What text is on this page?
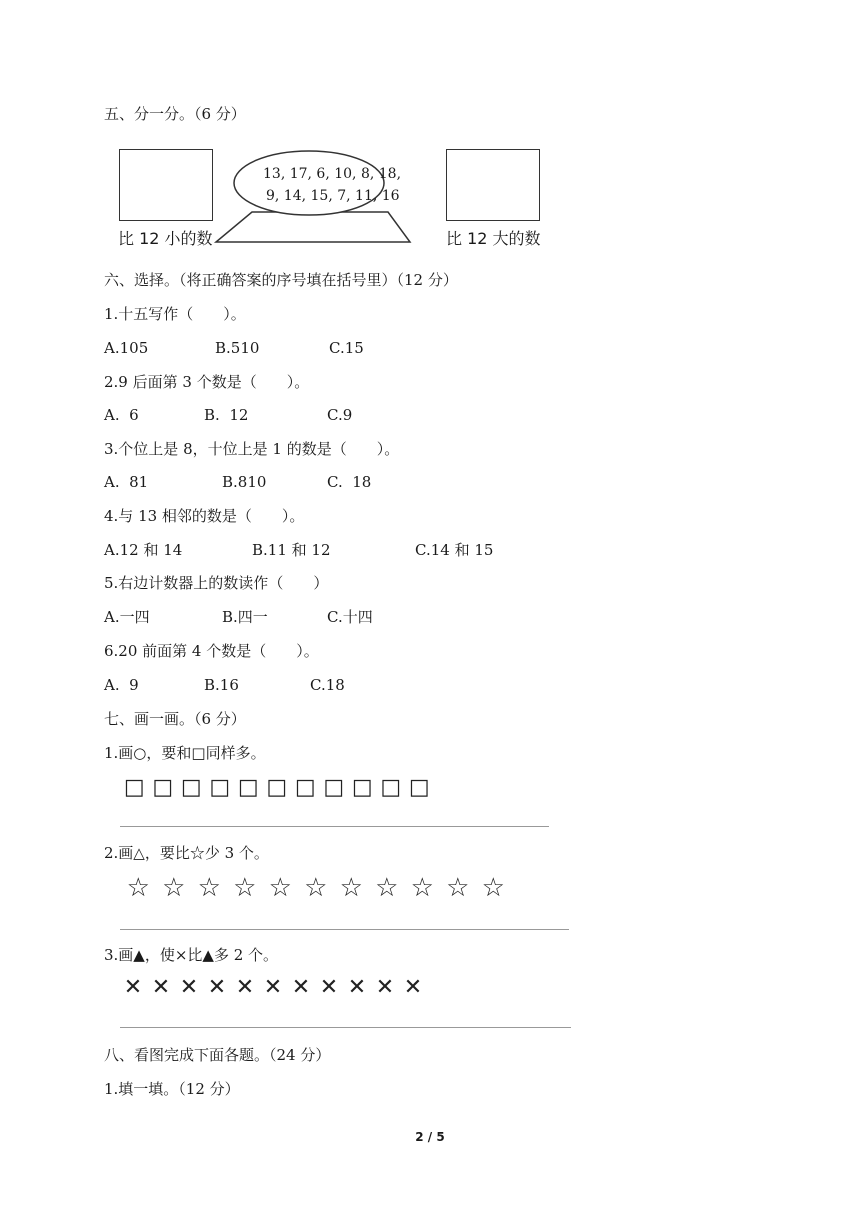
五、分一分。（6 分）
比 12 小的数
13, 17, 6, 10, 8, 18,
9, 14, 15, 7, 11, 16
比 12 大的数
六、选择。（将正确答案的序号填在括号里）（12 分）
1.十五写作（　　）。
A.105	B.510	C.15
2.9 后面第 3 个数是（　　）。
A.  6	B.  12	C.9
3.个位上是 8，十位上是 1 的数是（　　）。
A.  81	B.810	C.  18
4.与 13 相邻的数是（　　）。
A.12 和 14	B.11 和 12	C.14 和 15
5.右边计数器上的数读作（　　）
A.一四	B.四一	C.十四
6.20 前面第 4 个数是（　　）。
A.  9	B.16	C.18
七、画一画。（6 分）
1.画○，要和□同样多。
□ □ □ □ □ □ □ □ □ □ □
2.画△，要比☆少 3 个。
☆ ☆ ☆ ☆ ☆ ☆ ☆ ☆ ☆ ☆ ☆
3.画▲，使×比▲多 2 个。
✕ ✕ ✕ ✕ ✕ ✕ ✕ ✕ ✕ ✕ ✕
八、看图完成下面各题。（24 分）
1.填一填。（12 分）
2 / 5
